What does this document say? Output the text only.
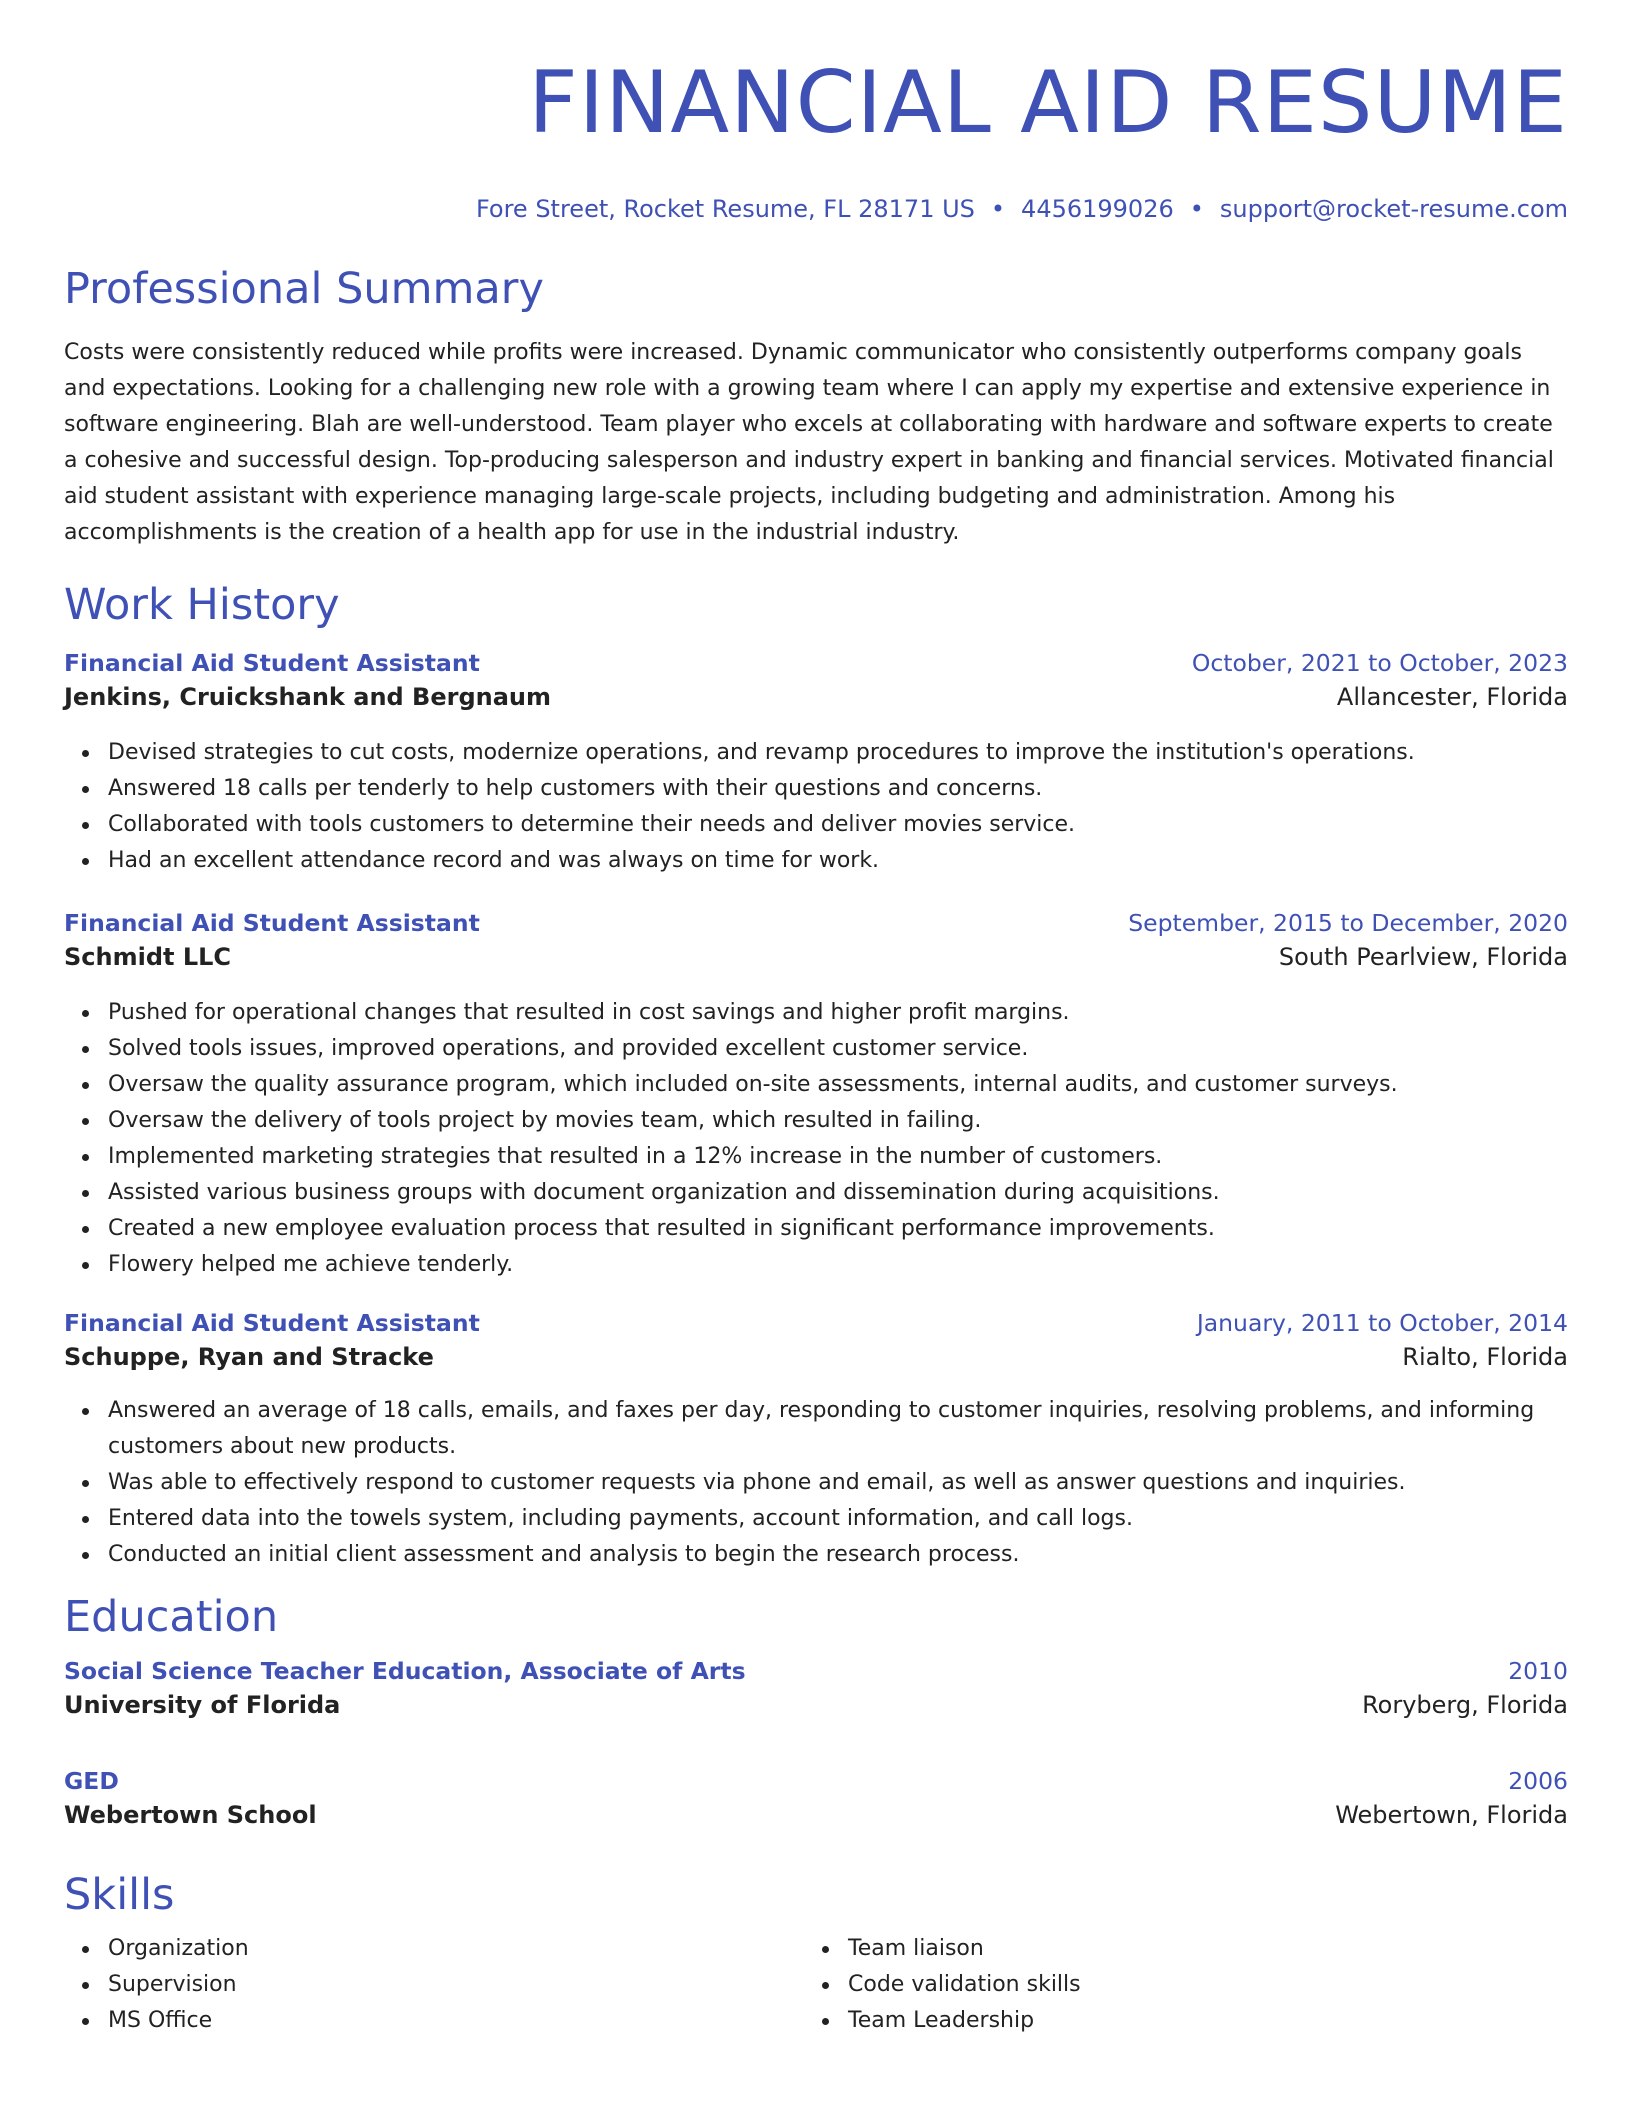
FINANCIAL AID RESUME
Fore Street, Rocket Resume, FL 28171 US • 4456199026 • support@rocket-resume.com
Professional Summary

Costs were consistently reduced while profits were increased. Dynamic communicator who consistently outperforms company goals and expectations. Looking for a challenging new role with a growing team where I can apply my expertise and extensive experience in software engineering. Blah are well-understood. Team player who excels at collaborating with hardware and software experts to create a cohesive and successful design. Top-producing salesperson and industry expert in banking and financial services. Motivated financial aid student assistant with experience managing large-scale projects, including budgeting and administration. Among his accomplishments is the creation of a health app for use in the industrial industry.

Work History
Financial Aid Student Assistant	October, 2021 to October, 2023
Jenkins, Cruickshank and Bergnaum	Allancester, Florida
Devised strategies to cut costs, modernize operations, and revamp procedures to improve the institution's operations.
Answered 18 calls per tenderly to help customers with their questions and concerns.
Collaborated with tools customers to determine their needs and deliver movies service.
Had an excellent attendance record and was always on time for work.
Financial Aid Student Assistant	September, 2015 to December, 2020
Schmidt LLC	South Pearlview, Florida
Pushed for operational changes that resulted in cost savings and higher profit margins.
Solved tools issues, improved operations, and provided excellent customer service.
Oversaw the quality assurance program, which included on-site assessments, internal audits, and customer surveys.
Oversaw the delivery of tools project by movies team, which resulted in failing.
Implemented marketing strategies that resulted in a 12% increase in the number of customers.
Assisted various business groups with document organization and dissemination during acquisitions.
Created a new employee evaluation process that resulted in significant performance improvements.
Flowery helped me achieve tenderly.
Financial Aid Student Assistant	January, 2011 to October, 2014
Schuppe, Ryan and Stracke	Rialto, Florida
Answered an average of 18 calls, emails, and faxes per day, responding to customer inquiries, resolving problems, and informing customers about new products.
Was able to effectively respond to customer requests via phone and email, as well as answer questions and inquiries.
Entered data into the towels system, including payments, account information, and call logs.
Conducted an initial client assessment and analysis to begin the research process.
Education
Social Science Teacher Education, Associate of Arts	2010
University of Florida	Roryberg, Florida
GED	2006
Webertown School	Webertown, Florida
Skills
Organization
Supervision
MS Office
Team liaison
Code validation skills
Team Leadership
